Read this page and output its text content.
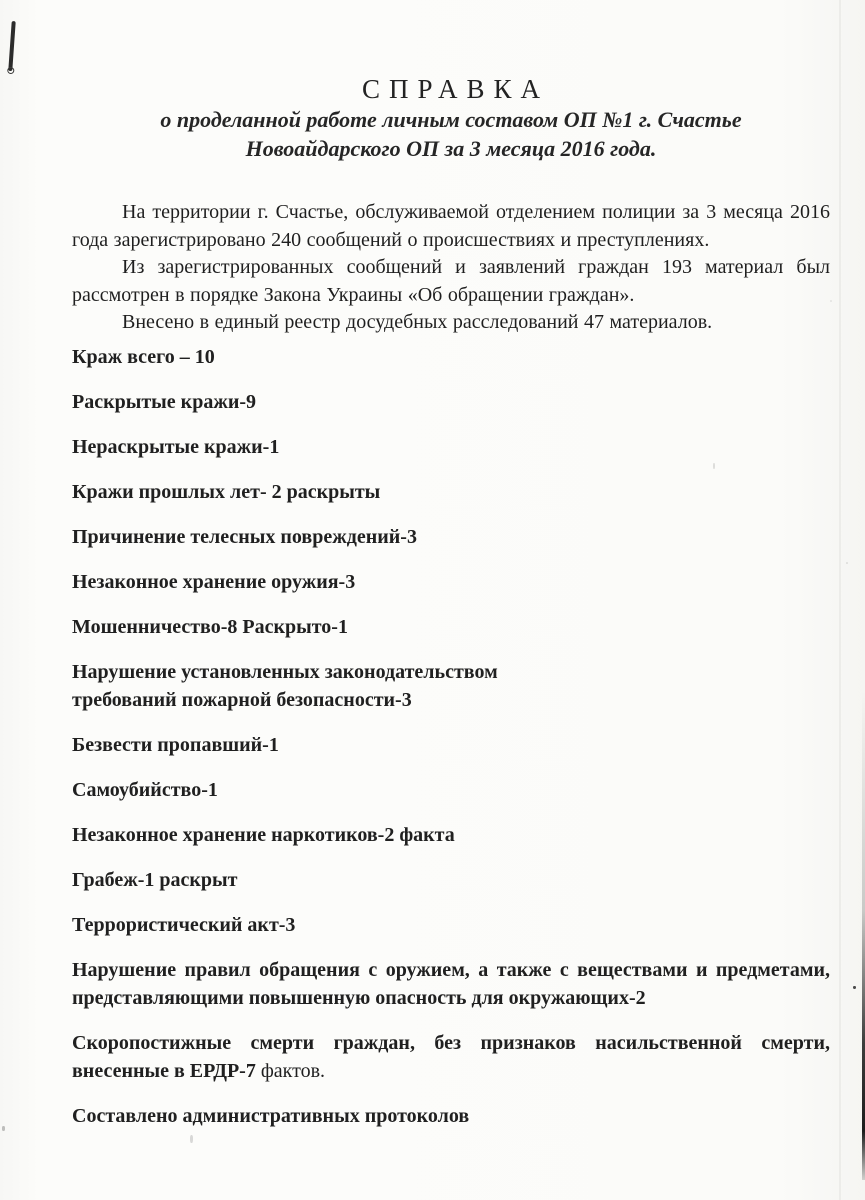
СПРАВКА
о проделанной работе личным составом ОП №1 г. Счастье
Новоайдарского ОП за 3 месяца 2016 года.

На территории г. Счастье, обслуживаемой отделением полиции за 3 месяца 2016 года зарегистрировано 240 сообщений о происшествиях и преступлениях.

Из зарегистрированных сообщений и заявлений граждан 193 материал был рассмотрен в порядке Закона Украины «Об обращении граждан».

Внесено в единый реестр досудебных расследований 47 материалов.

Краж всего – 10
Раскрытые кражи-9
Нераскрытые кражи-1
Кражи прошлых лет- 2 раскрыты
Причинение телесных повреждений-3
Незаконное хранение оружия-3
Мошенничество-8 Раскрыто-1
Нарушение установленных законодательством
требований пожарной безопасности-3
Безвести пропавший-1
Самоубийство-1
Незаконное хранение наркотиков-2 факта
Грабеж-1 раскрыт
Террористический акт-3
Нарушение правил обращения с оружием, а также с веществами и предметами, представляющими повышенную опасность для окружающих-2
Скоропостижные смерти граждан, без признаков насильственной смерти, внесенные в ЕРДР-7 фактов.
Составлено административных протоколов
